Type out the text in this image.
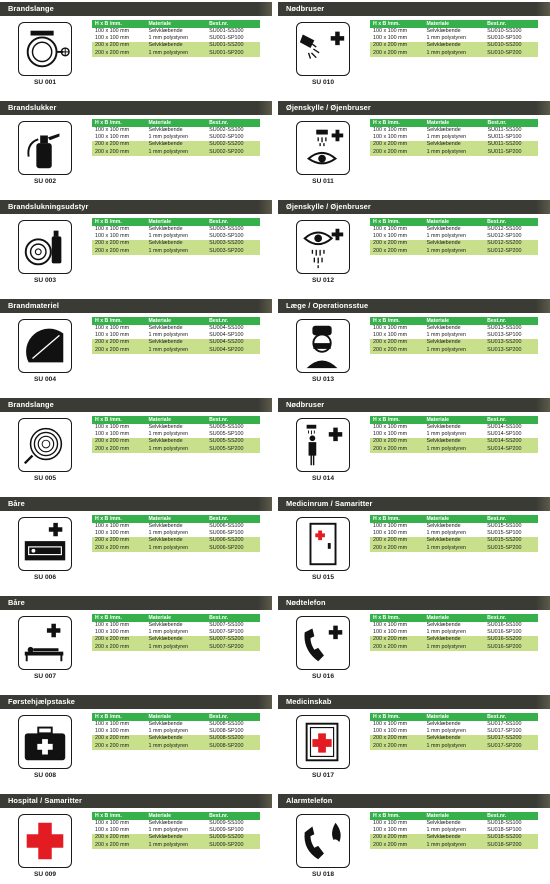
Brandslange
SU 001
H x B /mm.	Materiale	Best.nr.
100 x 100 mm	Selvklæbende	SU001-SS100
100 x 100 mm	1 mm polystyren	SU001-SP100
200 x 200 mm	Selvklæbende	SU001-SS200
200 x 200 mm	1 mm polystyren	SU001-SP200
Nødbruser
SU 010
H x B /mm.	Materiale	Best.nr.
100 x 100 mm	Selvklæbende	SU010-SS100
100 x 100 mm	1 mm polystyren	SU010-SP100
200 x 200 mm	Selvklæbende	SU010-SS200
200 x 200 mm	1 mm polystyren	SU010-SP200
Brandslukker
SU 002
H x B /mm.	Materiale	Best.nr.
100 x 100 mm	Selvklæbende	SU002-SS100
100 x 100 mm	1 mm polystyren	SU002-SP100
200 x 200 mm	Selvklæbende	SU002-SS200
200 x 200 mm	1 mm polystyren	SU002-SP200
Øjenskylle / Øjenbruser
SU 011
H x B /mm.	Materiale	Best.nr.
100 x 100 mm	Selvklæbende	SU011-SS100
100 x 100 mm	1 mm polystyren	SU011-SP100
200 x 200 mm	Selvklæbende	SU011-SS200
200 x 200 mm	1 mm polystyren	SU011-SP200
Brandslukningsudstyr
SU 003
H x B /mm.	Materiale	Best.nr.
100 x 100 mm	Selvklæbende	SU003-SS100
100 x 100 mm	1 mm polystyren	SU003-SP100
200 x 200 mm	Selvklæbende	SU003-SS200
200 x 200 mm	1 mm polystyren	SU003-SP200
Øjenskylle / Øjenbruser
SU 012
H x B /mm.	Materiale	Best.nr.
100 x 100 mm	Selvklæbende	SU012-SS100
100 x 100 mm	1 mm polystyren	SU012-SP100
200 x 200 mm	Selvklæbende	SU012-SS200
200 x 200 mm	1 mm polystyren	SU012-SP200
Brandmateriel
SU 004
H x B /mm.	Materiale	Best.nr.
100 x 100 mm	Selvklæbende	SU004-SS100
100 x 100 mm	1 mm polystyren	SU004-SP100
200 x 200 mm	Selvklæbende	SU004-SS200
200 x 200 mm	1 mm polystyren	SU004-SP200
Læge / Operationsstue
SU 013
H x B /mm.	Materiale	Best.nr.
100 x 100 mm	Selvklæbende	SU013-SS100
100 x 100 mm	1 mm polystyren	SU013-SP100
200 x 200 mm	Selvklæbende	SU013-SS200
200 x 200 mm	1 mm polystyren	SU013-SP200
Brandslange
SU 005
H x B /mm.	Materiale	Best.nr.
100 x 100 mm	Selvklæbende	SU005-SS100
100 x 100 mm	1 mm polystyren	SU005-SP100
200 x 200 mm	Selvklæbende	SU005-SS200
200 x 200 mm	1 mm polystyren	SU005-SP200
Nødbruser
SU 014
H x B /mm.	Materiale	Best.nr.
100 x 100 mm	Selvklæbende	SU014-SS100
100 x 100 mm	1 mm polystyren	SU014-SP100
200 x 200 mm	Selvklæbende	SU014-SS200
200 x 200 mm	1 mm polystyren	SU014-SP200
Båre
SU 006
H x B /mm.	Materiale	Best.nr.
100 x 100 mm	Selvklæbende	SU006-SS100
100 x 100 mm	1 mm polystyren	SU006-SP100
200 x 200 mm	Selvklæbende	SU006-SS200
200 x 200 mm	1 mm polystyren	SU006-SP200
Medicinrum / Samaritter
SU 015
H x B /mm.	Materiale	Best.nr.
100 x 100 mm	Selvklæbende	SU015-SS100
100 x 100 mm	1 mm polystyren	SU015-SP100
200 x 200 mm	Selvklæbende	SU015-SS200
200 x 200 mm	1 mm polystyren	SU015-SP200
Båre
SU 007
H x B /mm.	Materiale	Best.nr.
100 x 100 mm	Selvklæbende	SU007-SS100
100 x 100 mm	1 mm polystyren	SU007-SP100
200 x 200 mm	Selvklæbende	SU007-SS200
200 x 200 mm	1 mm polystyren	SU007-SP200
Nødtelefon
SU 016
H x B /mm.	Materiale	Best.nr.
100 x 100 mm	Selvklæbende	SU016-SS100
100 x 100 mm	1 mm polystyren	SU016-SP100
200 x 200 mm	Selvklæbende	SU016-SS200
200 x 200 mm	1 mm polystyren	SU016-SP200
Førstehjælpstaske
SU 008
H x B /mm.	Materiale	Best.nr.
100 x 100 mm	Selvklæbende	SU008-SS100
100 x 100 mm	1 mm polystyren	SU008-SP100
200 x 200 mm	Selvklæbende	SU008-SS200
200 x 200 mm	1 mm polystyren	SU008-SP200
Medicinskab
SU 017
H x B /mm.	Materiale	Best.nr.
100 x 100 mm	Selvklæbende	SU017-SS100
100 x 100 mm	1 mm polystyren	SU017-SP100
200 x 200 mm	Selvklæbende	SU017-SS200
200 x 200 mm	1 mm polystyren	SU017-SP200
Hospital / Samaritter
SU 009
H x B /mm.	Materiale	Best.nr.
100 x 100 mm	Selvklæbende	SU009-SS100
100 x 100 mm	1 mm polystyren	SU009-SP100
200 x 200 mm	Selvklæbende	SU009-SS200
200 x 200 mm	1 mm polystyren	SU009-SP200
Alarmtelefon
SU 018
H x B /mm.	Materiale	Best.nr.
100 x 100 mm	Selvklæbende	SU018-SS100
100 x 100 mm	1 mm polystyren	SU018-SP100
200 x 200 mm	Selvklæbende	SU018-SS200
200 x 200 mm	1 mm polystyren	SU018-SP200
